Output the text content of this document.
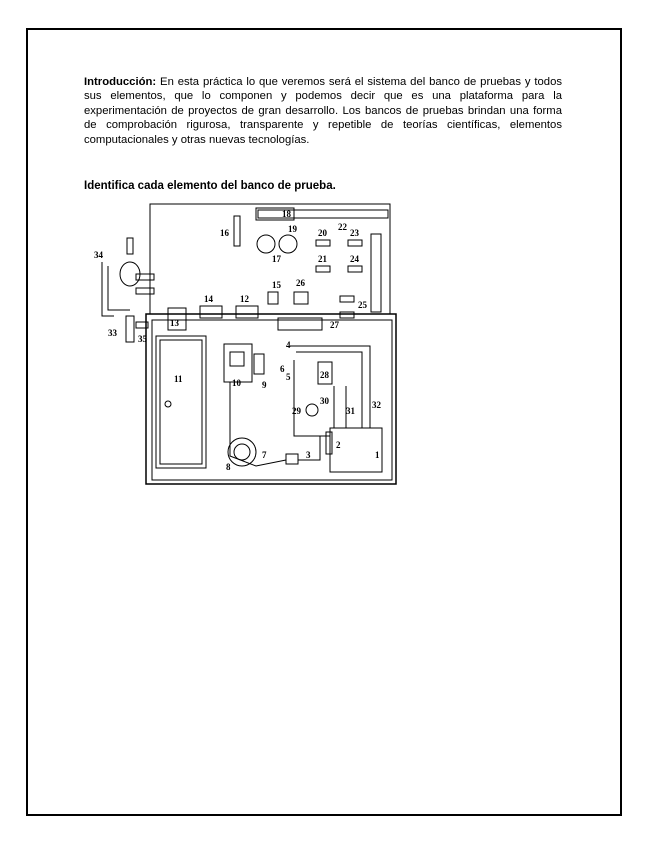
Introducción: En esta práctica lo que veremos será el sistema del banco de pruebas y todos sus elementos, que lo componen y podemos decir que es una plataforma para la experimentación de proyectos de gran desarrollo. Los bancos de pruebas brindan una forma de comprobación rigurosa, transparente y repetible de teorías científicas, elementos computacionales y otras nuevas tecnologías.

Identifica cada elemento del banco de prueba.

1
2
3
4
5
6
7
8
9
10
11
12
13
14
15
16
17
18
19 20
21
22
23
24
25
26
27
28
29
30
31
32
33
34
35
